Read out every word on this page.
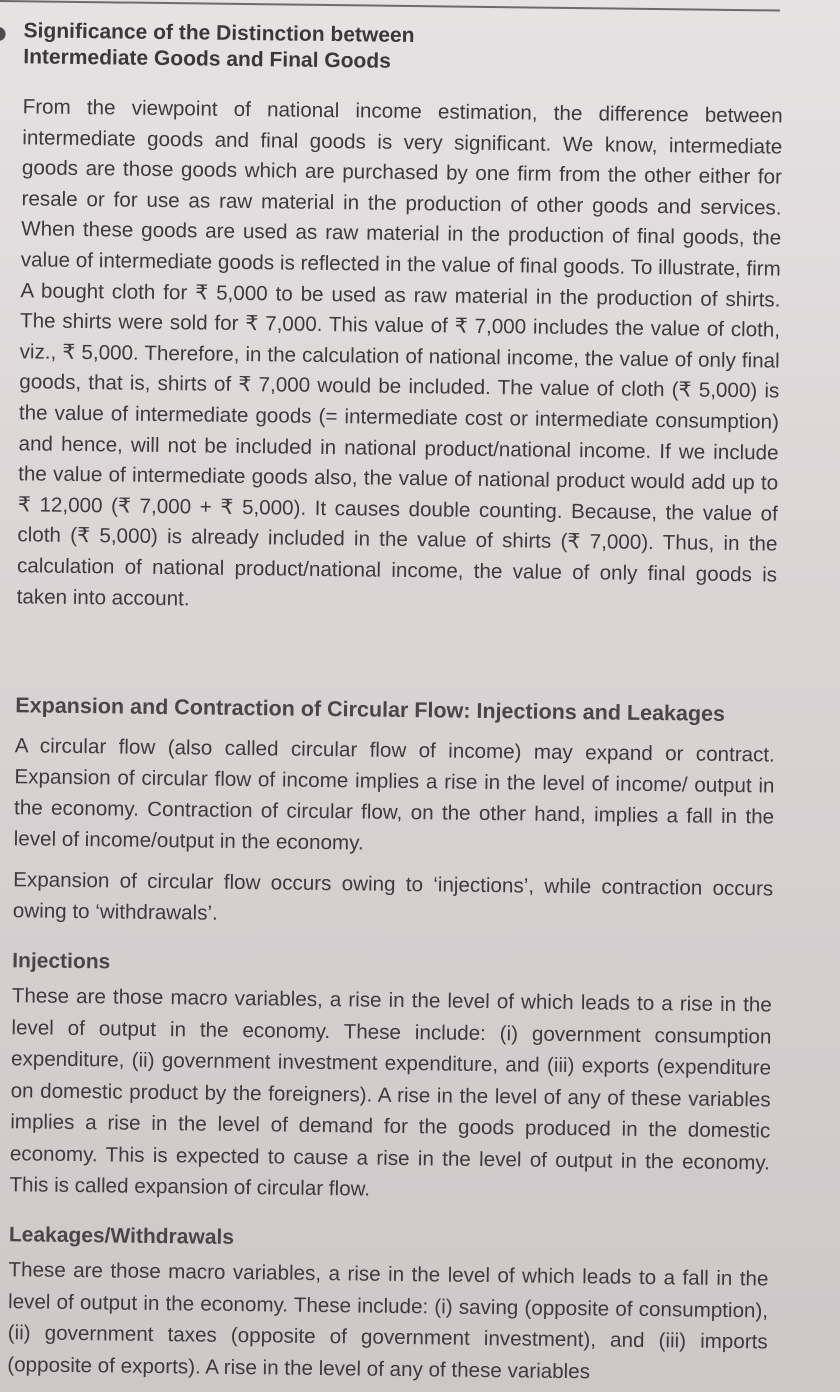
Significance of the Distinction between Intermediate Goods and Final Goods

From the viewpoint of national income estimation, the difference between intermediate goods and final goods is very significant. We know, intermediate goods are those goods which are purchased by one firm from the other either for resale or for use as raw material in the production of other goods and services. When these goods are used as raw material in the production of final goods, the value of intermediate goods is reflected in the value of final goods. To illustrate, firm A bought cloth for ₹ 5,000 to be used as raw material in the production of shirts. The shirts were sold for ₹ 7,000. This value of ₹ 7,000 includes the value of cloth, viz., ₹ 5,000. Therefore, in the calculation of national income, the value of only final goods, that is, shirts of ₹ 7,000 would be included. The value of cloth (₹ 5,000) is the value of intermediate goods (= intermediate cost or intermediate consumption) and hence, will not be included in national product/national income. If we include the value of intermediate goods also, the value of national product would add up to ₹ 12,000 (₹ 7,000 + ₹ 5,000). It causes double counting. Because, the value of cloth (₹ 5,000) is already included in the value of shirts (₹ 7,000). Thus, in the calculation of national product/national income, the value of only final goods is taken into account.

Expansion and Contraction of Circular Flow: Injections and Leakages

A circular flow (also called circular flow of income) may expand or contract. Expansion of circular flow of income implies a rise in the level of income/ output in the economy. Contraction of circular flow, on the other hand, implies a fall in the level of income/output in the economy.

Expansion of circular flow occurs owing to ‘injections’, while contraction occurs owing to ‘withdrawals’.

Injections

These are those macro variables, a rise in the level of which leads to a rise in the level of output in the economy. These include: (i) government consumption expenditure, (ii) government investment expenditure, and (iii) exports (expenditure on domestic product by the foreigners). A rise in the level of any of these variables implies a rise in the level of demand for the goods produced in the domestic economy. This is expected to cause a rise in the level of output in the economy. This is called expansion of circular flow.

Leakages/Withdrawals

These are those macro variables, a rise in the level of which leads to a fall in the level of output in the economy. These include: (i) saving (opposite of consumption), (ii) government taxes (opposite of government investment), and (iii) imports (opposite of exports). A rise in the level of any of these variables
